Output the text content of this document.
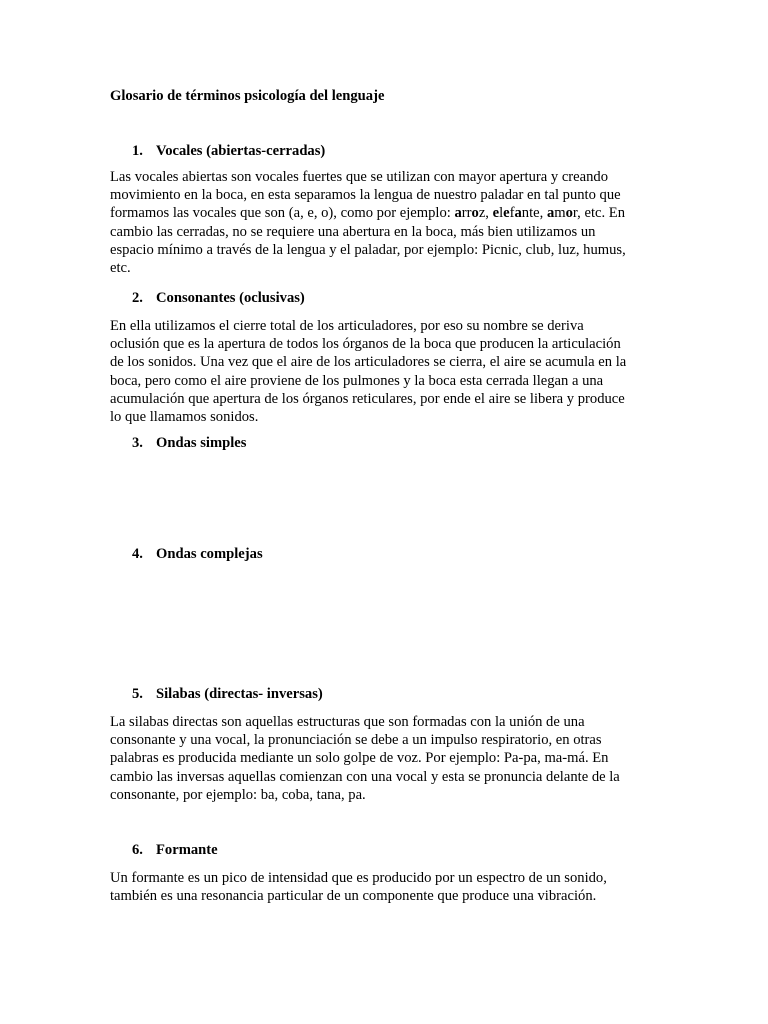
Glosario de términos psicología del lenguaje
1. Vocales (abiertas-cerradas)
Las vocales abiertas son vocales fuertes que se utilizan con mayor apertura y creando
movimiento en la boca, en esta separamos la lengua de nuestro paladar en tal punto que
formamos las vocales que son (a, e, o), como por ejemplo: arroz, elefante, amor, etc. En
cambio las cerradas, no se requiere una abertura en la boca, más bien utilizamos un
espacio mínimo a través de la lengua y el paladar, por ejemplo: Picnic, club, luz, humus,
etc.
2. Consonantes (oclusivas)
En ella utilizamos el cierre total de los articuladores, por eso su nombre se deriva
oclusión que es la apertura de todos los órganos de la boca que producen la articulación
de los sonidos. Una vez que el aire de los articuladores se cierra, el aire se acumula en la
boca, pero como el aire proviene de los pulmones y la boca esta cerrada llegan a una
acumulación que apertura de los órganos reticulares, por ende el aire se libera y produce
lo que llamamos sonidos.
3. Ondas simples
4. Ondas complejas
5. Silabas (directas- inversas)
La silabas directas son aquellas estructuras que son formadas con la unión de una
consonante y una vocal, la pronunciación se debe a un impulso respiratorio, en otras
palabras es producida mediante un solo golpe de voz. Por ejemplo: Pa-pa, ma-má. En
cambio las inversas aquellas comienzan con una vocal y esta se pronuncia delante de la
consonante, por ejemplo: ba, coba, tana, pa.
6. Formante
Un formante es un pico de intensidad que es producido por un espectro de un sonido,
también es una resonancia particular de un componente que produce una vibración.
